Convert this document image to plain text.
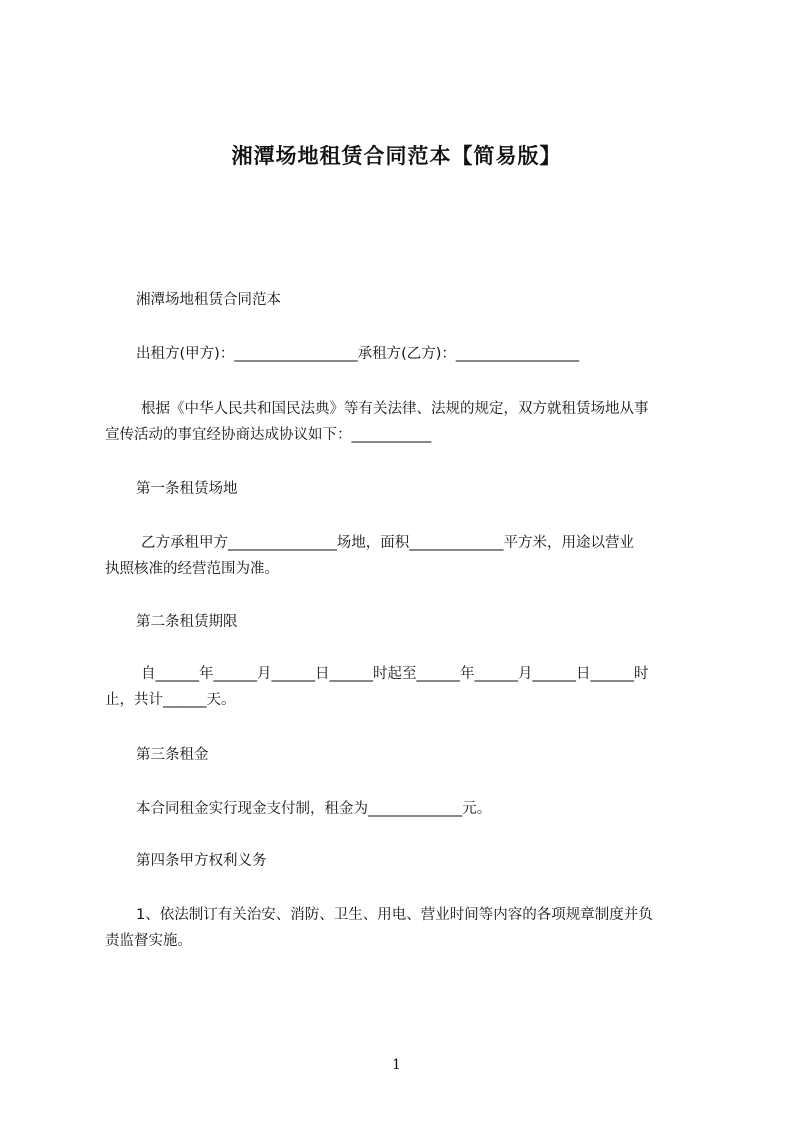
湘潭场地租赁合同范本【简易版】
湘潭场地租赁合同范本
出租方(甲方)：_________________承租方(乙方)：_________________
根据《中华人民共和国民法典》等有关法律、法规的规定，双方就租赁场地从事
宣传活动的事宜经协商达成协议如下：___________
第一条租赁场地
乙方承租甲方_______________场地，面积_____________平方米，用途以营业
执照核准的经营范围为准。
第二条租赁期限
自______年______月______日______时起至______年______月______日______时
止，共计______天。
第三条租金
本合同租金实行现金支付制，租金为_____________元。
第四条甲方权利义务
1、依法制订有关治安、消防、卫生、用电、营业时间等内容的各项规章制度并负
责监督实施。
1
